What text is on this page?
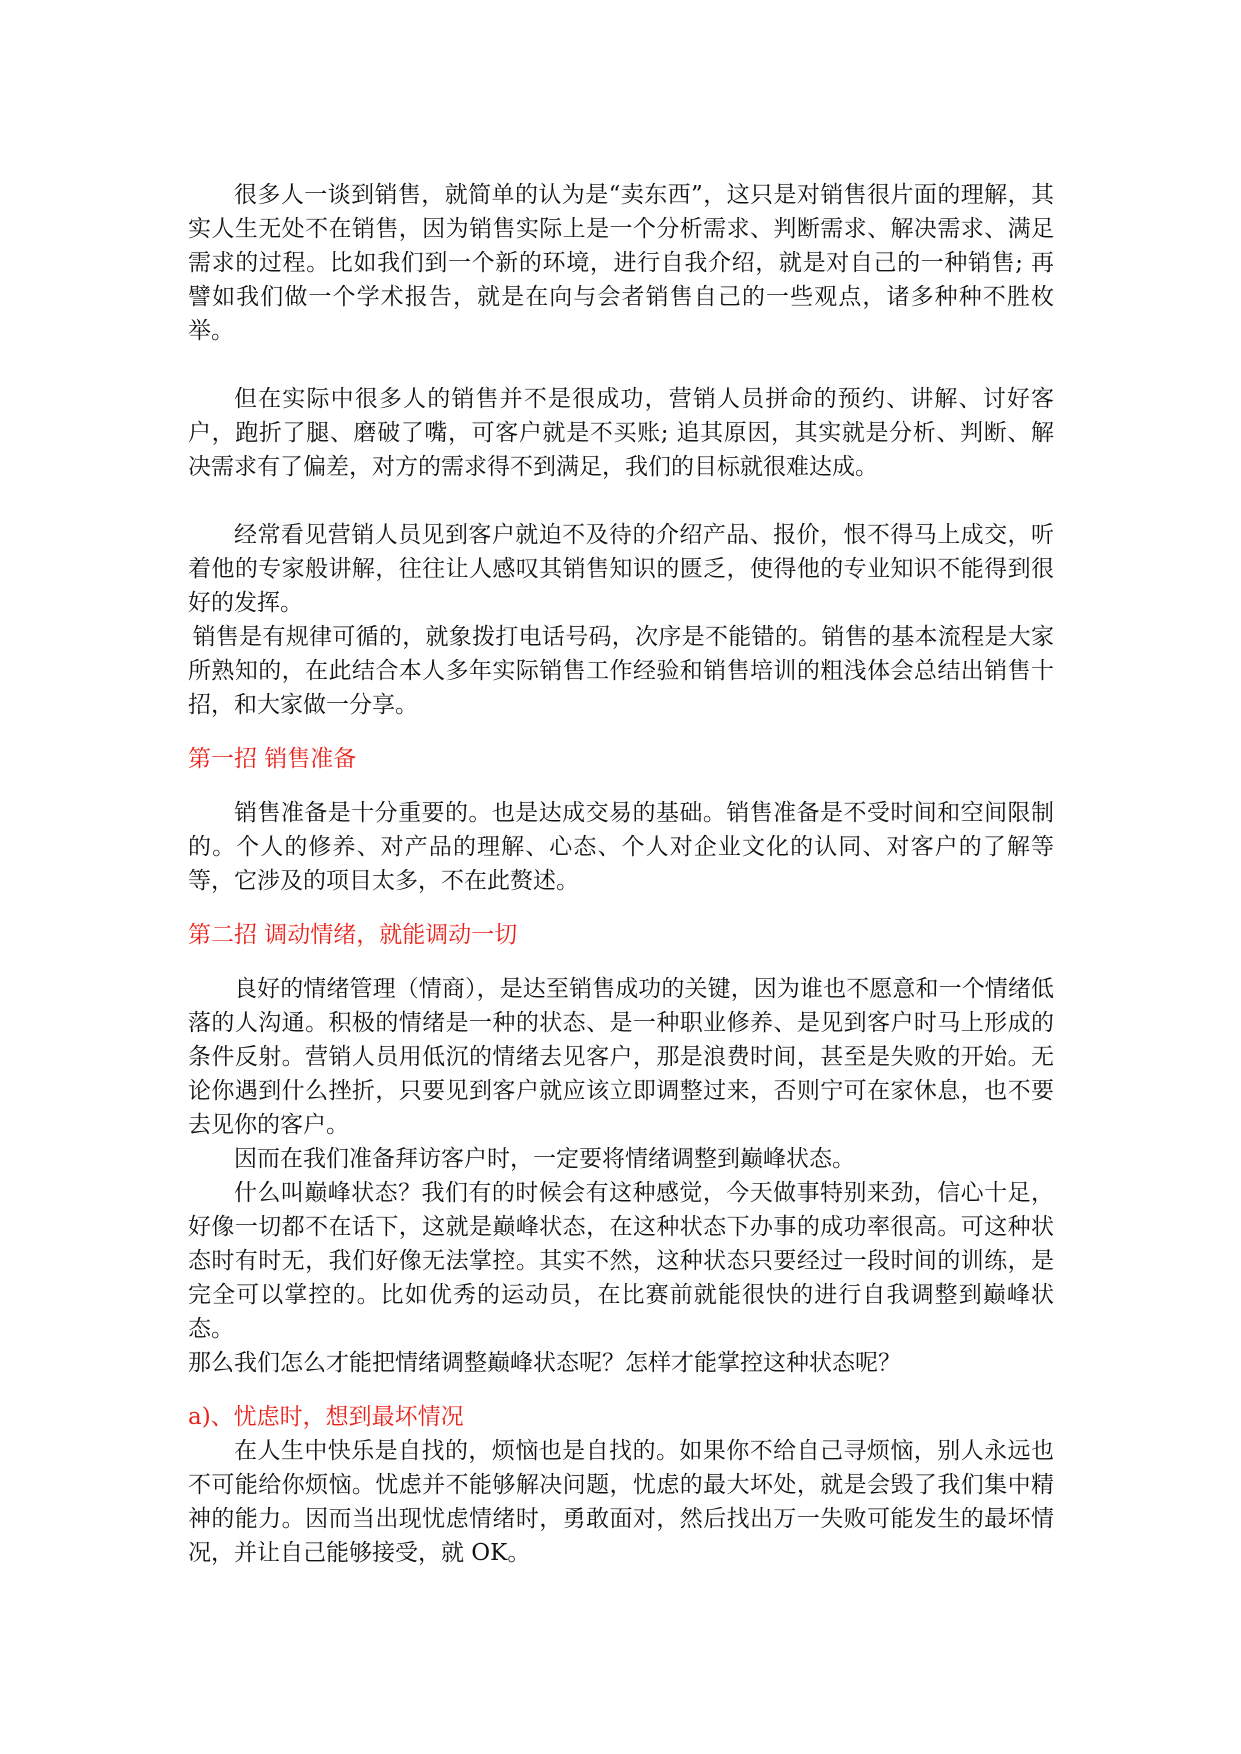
很多人一谈到销售，就简单的认为是“卖东西”，这只是对销售很片面的理解，其实人生无处不在销售，因为销售实际上是一个分析需求、判断需求、解决需求、满足需求的过程。比如我们到一个新的环境，进行自我介绍，就是对自己的一种销售; 再譬如我们做一个学术报告，就是在向与会者销售自己的一些观点，诸多种种不胜枚举。

但在实际中很多人的销售并不是很成功，营销人员拼命的预约、讲解、讨好客户，跑折了腿、磨破了嘴，可客户就是不买账; 追其原因，其实就是分析、判断、解决需求有了偏差，对方的需求得不到满足，我们的目标就很难达成。

经常看见营销人员见到客户就迫不及待的介绍产品、报价，恨不得马上成交，听着他的专家般讲解，往往让人感叹其销售知识的匮乏，使得他的专业知识不能得到很好的发挥。

销售是有规律可循的，就象拨打电话号码，次序是不能错的。销售的基本流程是大家所熟知的，在此结合本人多年实际销售工作经验和销售培训的粗浅体会总结出销售十招，和大家做一分享。

第一招 销售准备

销售准备是十分重要的。也是达成交易的基础。销售准备是不受时间和空间限制的。个人的修养、对产品的理解、心态、个人对企业文化的认同、对客户的了解等等，它涉及的项目太多，不在此赘述。

第二招 调动情绪，就能调动一切

良好的情绪管理（情商），是达至销售成功的关键，因为谁也不愿意和一个情绪低落的人沟通。积极的情绪是一种的状态、是一种职业修养、是见到客户时马上形成的条件反射。营销人员用低沉的情绪去见客户，那是浪费时间，甚至是失败的开始。无论你遇到什么挫折，只要见到客户就应该立即调整过来，否则宁可在家休息，也不要去见你的客户。

因而在我们准备拜访客户时，一定要将情绪调整到巅峰状态。

什么叫巅峰状态？我们有的时候会有这种感觉，今天做事特别来劲，信心十足，好像一切都不在话下，这就是巅峰状态，在这种状态下办事的成功率很高。可这种状态时有时无，我们好像无法掌控。其实不然，这种状态只要经过一段时间的训练，是完全可以掌控的。比如优秀的运动员，在比赛前就能很快的进行自我调整到巅峰状态。

那么我们怎么才能把情绪调整巅峰状态呢？怎样才能掌控这种状态呢？

a)、忧虑时，想到最坏情况

在人生中快乐是自找的，烦恼也是自找的。如果你不给自己寻烦恼，别人永远也不可能给你烦恼。忧虑并不能够解决问题，忧虑的最大坏处，就是会毁了我们集中精神的能力。因而当出现忧虑情绪时，勇敢面对，然后找出万一失败可能发生的最坏情况，并让自己能够接受，就 OK。
